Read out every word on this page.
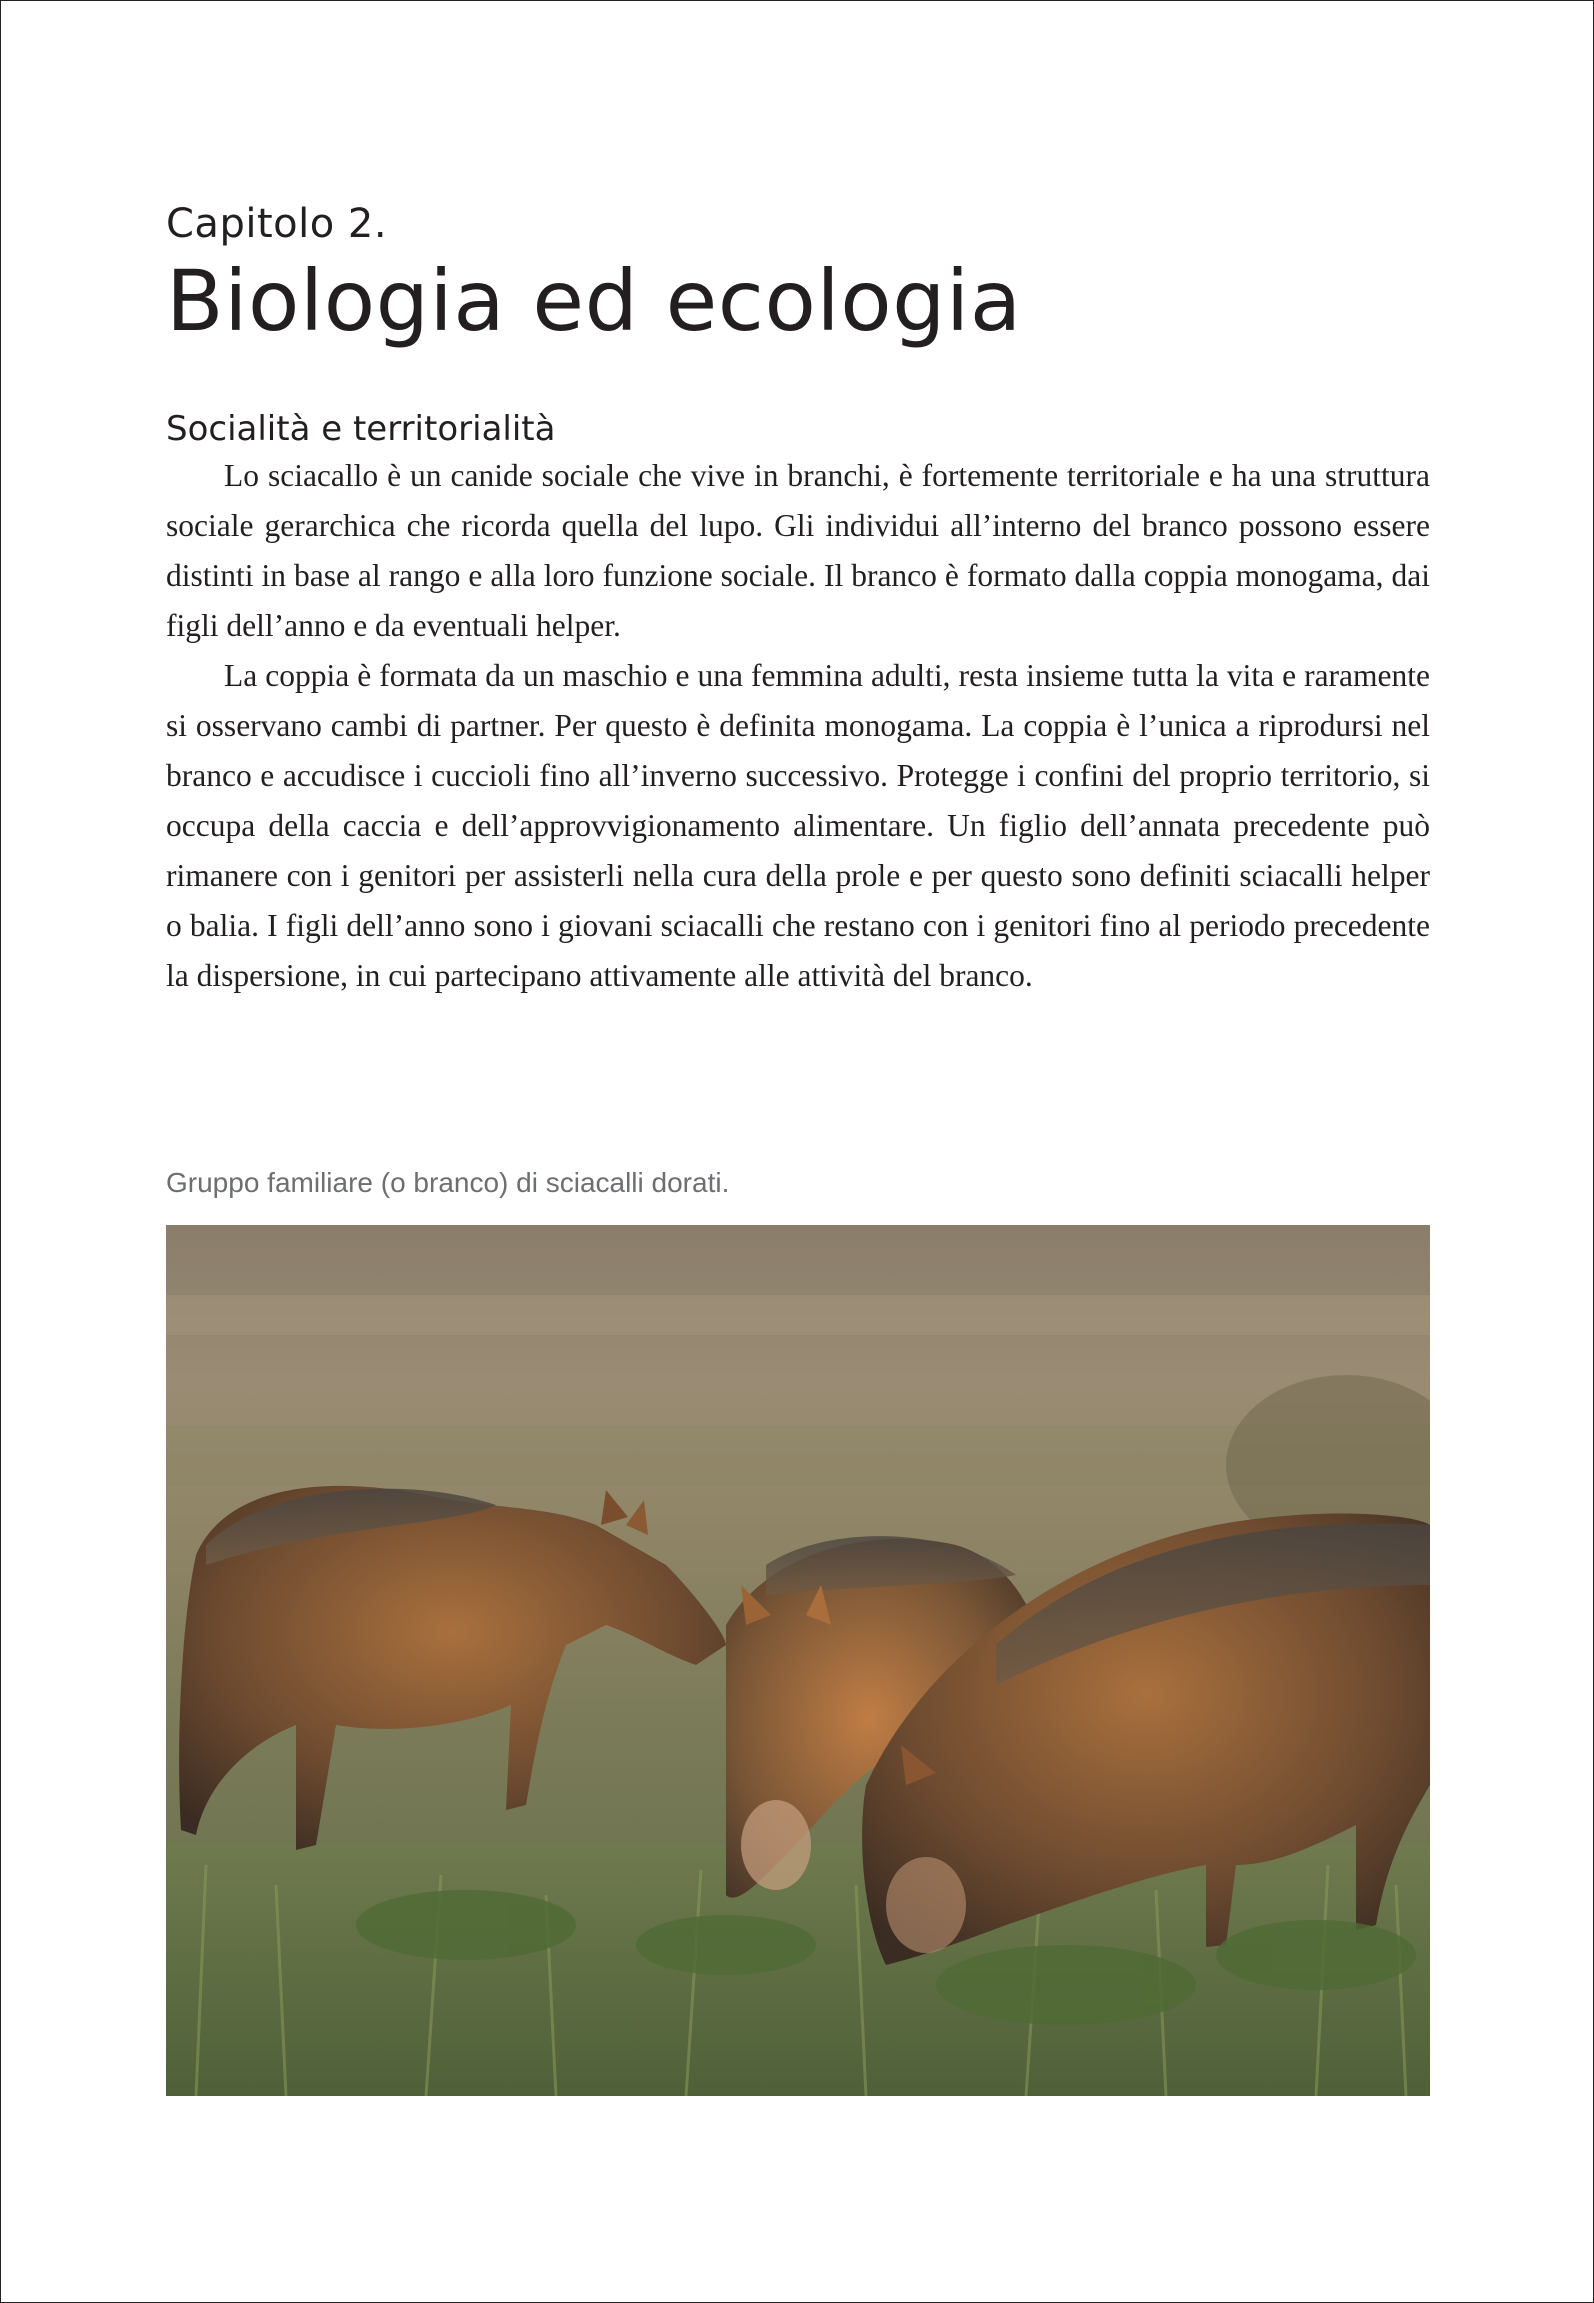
Capitolo 2.

Biologia ed ecologia
Socialità e territorialità

Lo sciacallo è un canide sociale che vive in branchi, è fortemente territoriale e ha una struttura sociale gerarchica che ricorda quella del lupo. Gli individui all’interno del branco possono essere distinti in base al rango e alla loro funzione sociale. Il branco è formato dalla coppia monogama, dai figli dell’anno e da eventuali helper.

La coppia è formata da un maschio e una femmina adulti, resta insieme tutta la vita e raramente si osservano cambi di partner. Per questo è definita monogama. La coppia è l’unica a riprodursi nel branco e accudisce i cuccioli fino all’inverno successivo. Protegge i confini del proprio territorio, si occupa della caccia e dell’approvvigionamento alimentare. Un figlio dell’annata precedente può rimanere con i genitori per assisterli nella cura della prole e per questo sono definiti sciacalli helper o balia. I figli dell’anno sono i giovani sciacalli che restano con i genitori fino al periodo precedente la dispersione, in cui partecipano attivamente alle attività del branco.

Gruppo familiare (o branco) di sciacalli dorati.
